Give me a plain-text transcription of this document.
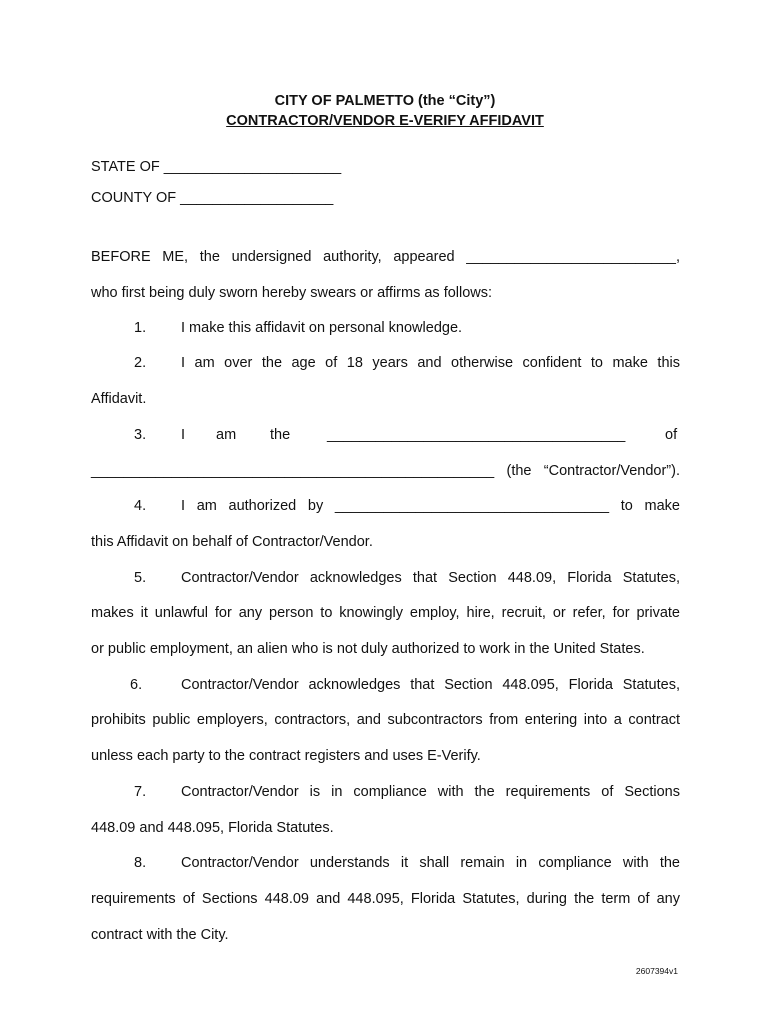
CITY OF PALMETTO (the “City”)
CONTRACTOR/VENDOR E-VERIFY AFFIDAVIT
STATE OF ______________________
COUNTY OF ___________________
BEFORE ME, the undersigned authority, appeared __________________________,
who first being duly sworn hereby swears or affirms as follows:
1. I make this affidavit on personal knowledge.
2. I am over the age of 18 years and otherwise confident to make this
Affidavit.
3. I am the	_____________________________________	of
__________________________________________________ (the “Contractor/Vendor”).
4. I am authorized by __________________________________ to make
this Affidavit on behalf of Contractor/Vendor.
5. Contractor/Vendor acknowledges that Section 448.09, Florida Statutes,
makes it unlawful for any person to knowingly employ, hire, recruit, or refer, for private
or public employment, an alien who is not duly authorized to work in the United States.
6.	Contractor/Vendor acknowledges that Section 448.095, Florida Statutes,
prohibits public employers, contractors, and subcontractors from entering into a contract
unless each party to the contract registers and uses E-Verify.
7. Contractor/Vendor is in compliance with the requirements of Sections
448.09 and 448.095, Florida Statutes.
8. Contractor/Vendor understands it shall remain in compliance with the
requirements of Sections 448.09 and 448.095, Florida Statutes, during the term of any
contract with the City.
2607394v1
